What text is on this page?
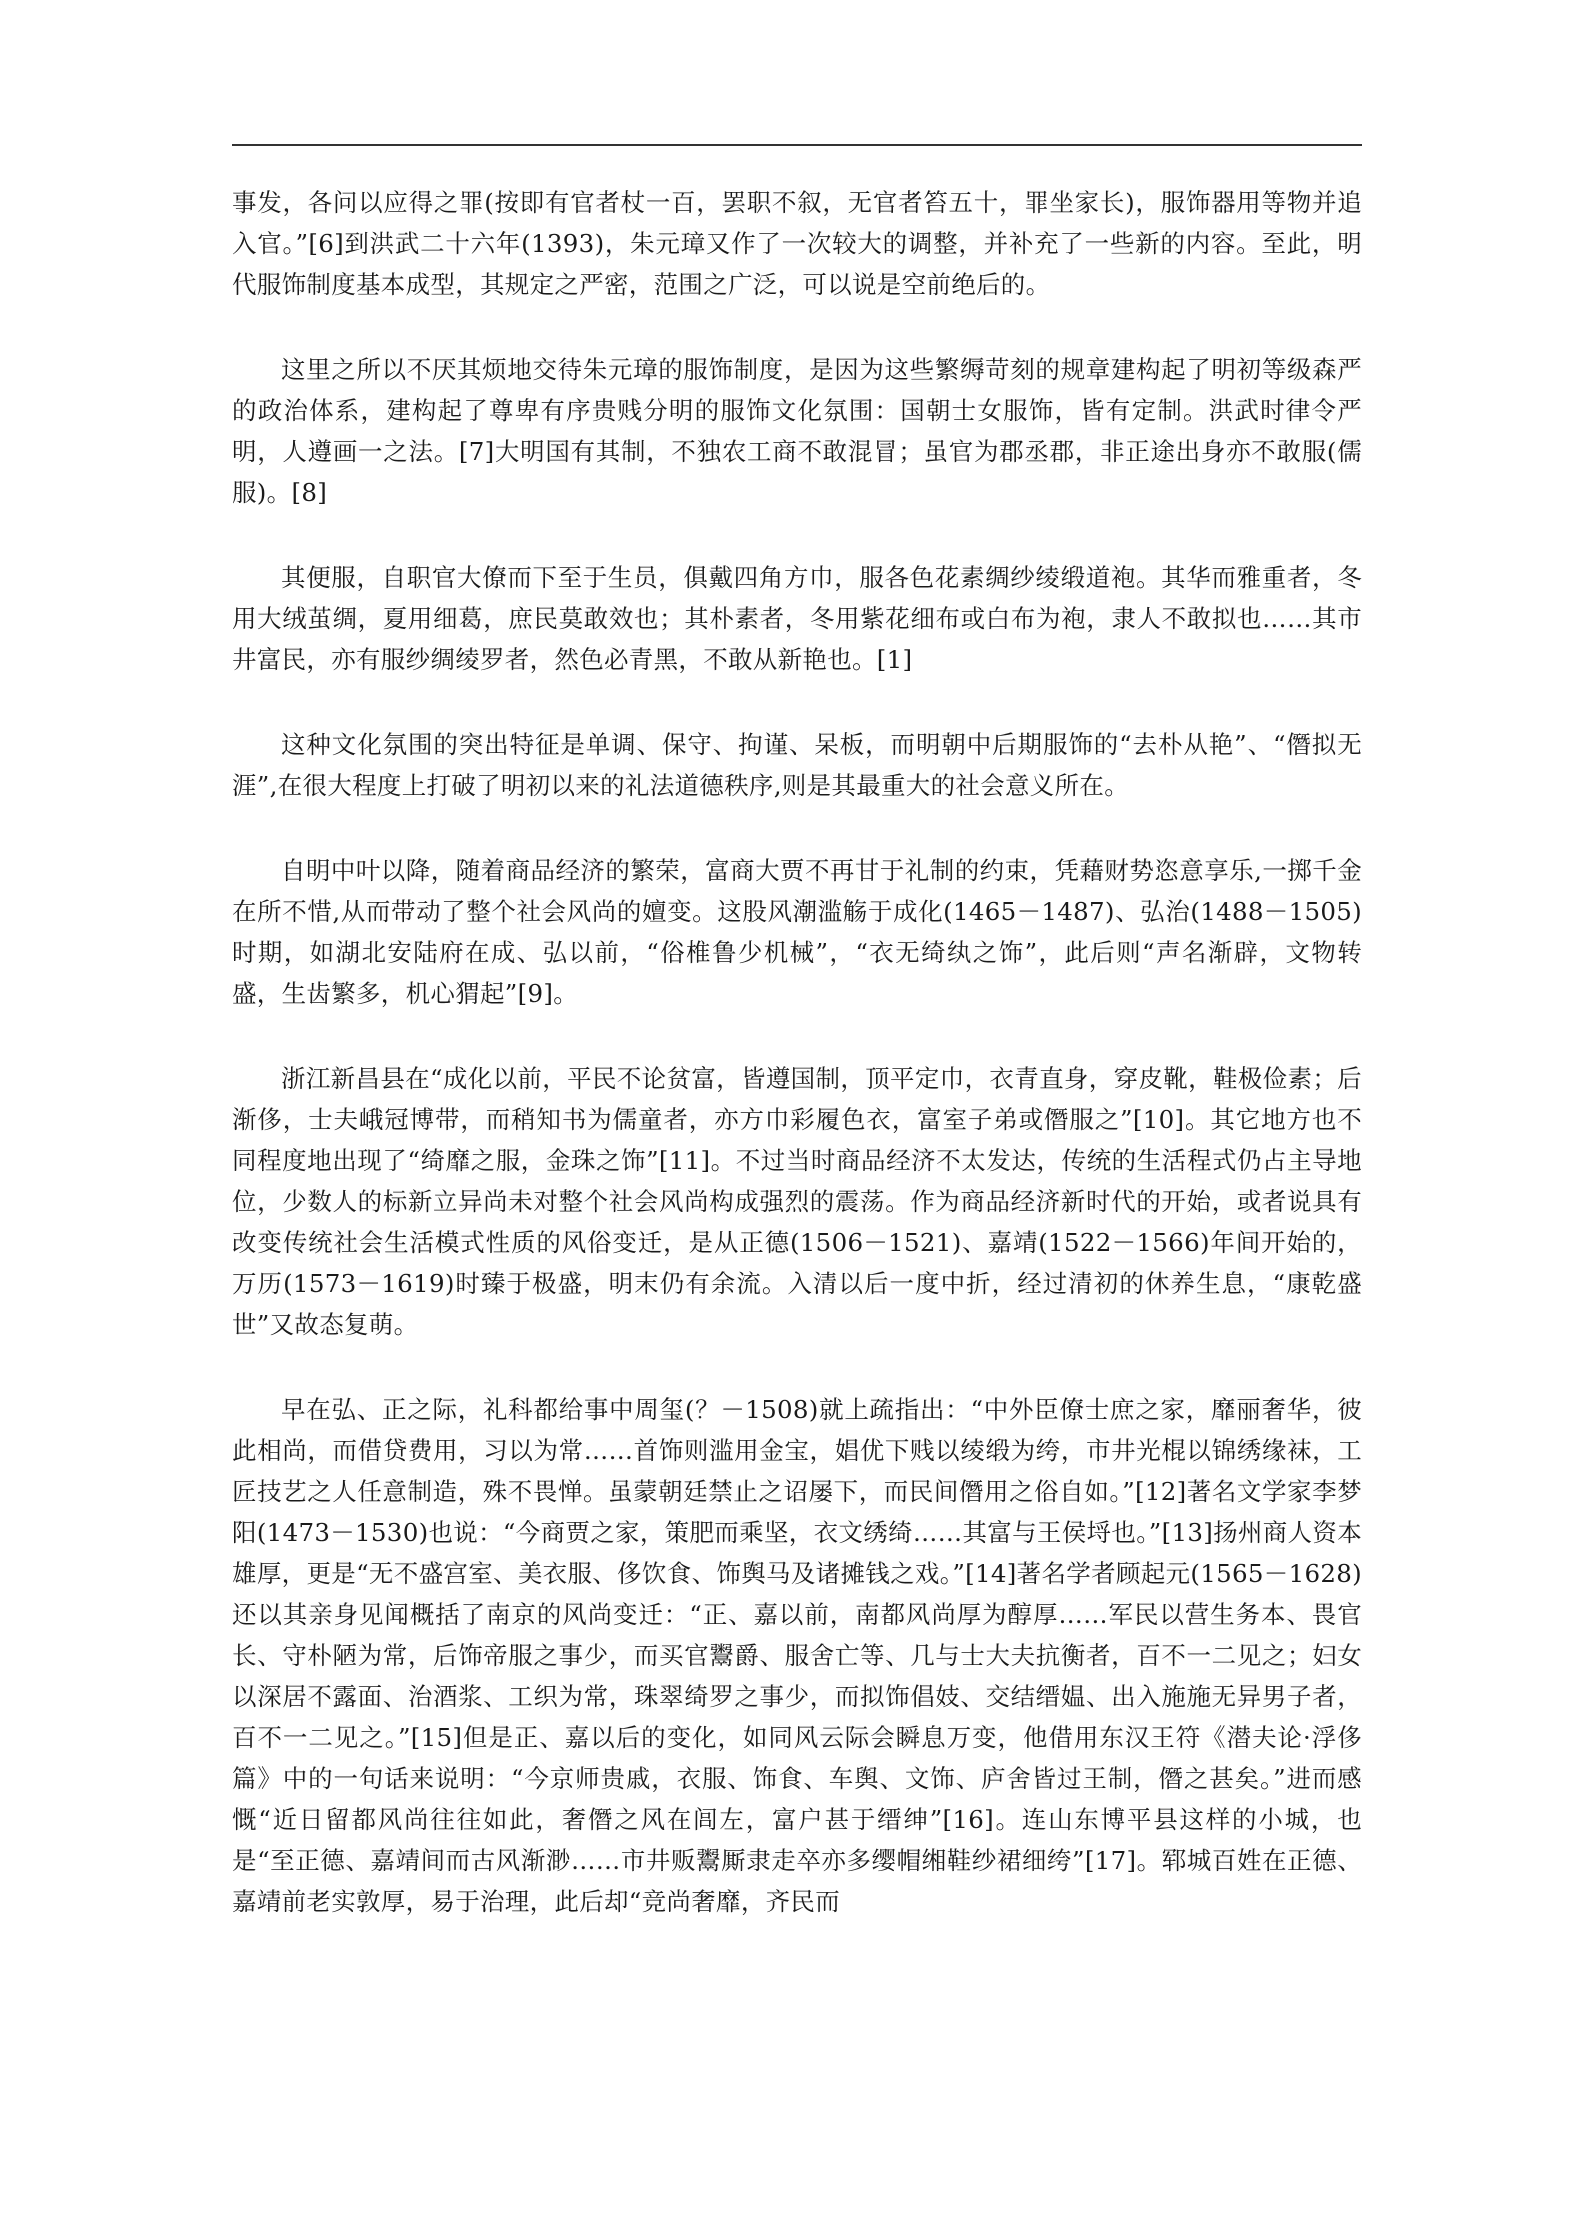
事发，各问以应得之罪(按即有官者杖一百，罢职不叙，无官者笞五十，罪坐家长)，服饰器用等物并追入官。”[6]到洪武二十六年(1393)，朱元璋又作了一次较大的调整，并补充了一些新的内容。至此，明代服饰制度基本成型，其规定之严密，范围之广泛，可以说是空前绝后的。

这里之所以不厌其烦地交待朱元璋的服饰制度，是因为这些繁缛苛刻的规章建构起了明初等级森严的政治体系，建构起了尊卑有序贵贱分明的服饰文化氛围：国朝士女服饰，皆有定制。洪武时律令严明，人遵画一之法。[7]大明国有其制，不独农工商不敢混冒；虽官为郡丞郡，非正途出身亦不敢服(儒服)。[8]

其便服，自职官大僚而下至于生员，俱戴四角方巾，服各色花素绸纱绫缎道袍。其华而雅重者，冬用大绒茧绸，夏用细葛，庶民莫敢效也；其朴素者，冬用紫花细布或白布为袍，隶人不敢拟也……其市井富民，亦有服纱绸绫罗者，然色必青黑，不敢从新艳也。[1]

这种文化氛围的突出特征是单调、保守、拘谨、呆板，而明朝中后期服饰的“去朴从艳”、“僭拟无涯”,在很大程度上打破了明初以来的礼法道德秩序,则是其最重大的社会意义所在。

自明中叶以降，随着商品经济的繁荣，富商大贾不再甘于礼制的约束，凭藉财势恣意享乐,一掷千金在所不惜,从而带动了整个社会风尚的嬗变。这股风潮滥觞于成化(1465－1487)、弘治(1488－1505)时期，如湖北安陆府在成、弘以前，“俗椎鲁少机械”，“衣无绮纨之饰”，此后则“声名渐辟，文物转盛，生齿繁多，机心猬起”[9]。

浙江新昌县在“成化以前，平民不论贫富，皆遵国制，顶平定巾，衣青直身，穿皮靴，鞋极俭素；后渐侈，士夫峨冠博带，而稍知书为儒童者，亦方巾彩履色衣，富室子弟或僭服之”[10]。其它地方也不同程度地出现了“绮靡之服，金珠之饰”[11]。不过当时商品经济不太发达，传统的生活程式仍占主导地位，少数人的标新立异尚未对整个社会风尚构成强烈的震荡。作为商品经济新时代的开始，或者说具有改变传统社会生活模式性质的风俗变迁，是从正德(1506－1521)、嘉靖(1522－1566)年间开始的，万历(1573－1619)时臻于极盛，明末仍有余流。入清以后一度中折，经过清初的休养生息，“康乾盛世”又故态复萌。

早在弘、正之际，礼科都给事中周玺(？－1508)就上疏指出：“中外臣僚士庶之家，靡丽奢华，彼此相尚，而借贷费用，习以为常……首饰则滥用金宝，娼优下贱以绫缎为绔，市井光棍以锦绣缘袜，工匠技艺之人任意制造，殊不畏惮。虽蒙朝廷禁止之诏屡下，而民间僭用之俗自如。”[12]著名文学家李梦阳(1473－1530)也说：“今商贾之家，策肥而乘坚，衣文绣绮……其富与王侯埒也。”[13]扬州商人资本雄厚，更是“无不盛宫室、美衣服、侈饮食、饰舆马及诸摊钱之戏。”[14]著名学者顾起元(1565－1628)还以其亲身见闻概括了南京的风尚变迁：“正、嘉以前，南都风尚厚为醇厚……军民以营生务本、畏官长、守朴陋为常，后饰帝服之事少，而买官鬻爵、服舍亡等、几与士大夫抗衡者，百不一二见之；妇女以深居不露面、治酒浆、工织为常，珠翠绮罗之事少，而拟饰倡妓、交结缙媪、出入施施无异男子者，百不一二见之。”[15]但是正、嘉以后的变化，如同风云际会瞬息万变，他借用东汉王符《潜夫论·浮侈篇》中的一句话来说明：“今京师贵戚，衣服、饰食、车舆、文饰、庐舍皆过王制，僭之甚矣。”进而感慨“近日留都风尚往往如此，奢僭之风在闾左，富户甚于缙绅”[16]。连山东博平县这样的小城，也是“至正德、嘉靖间而古风渐渺……市井贩鬻厮隶走卒亦多缨帽缃鞋纱裙细绔”[17]。郓城百姓在正德、嘉靖前老实敦厚，易于治理，此后却“竞尚奢靡，齐民而
